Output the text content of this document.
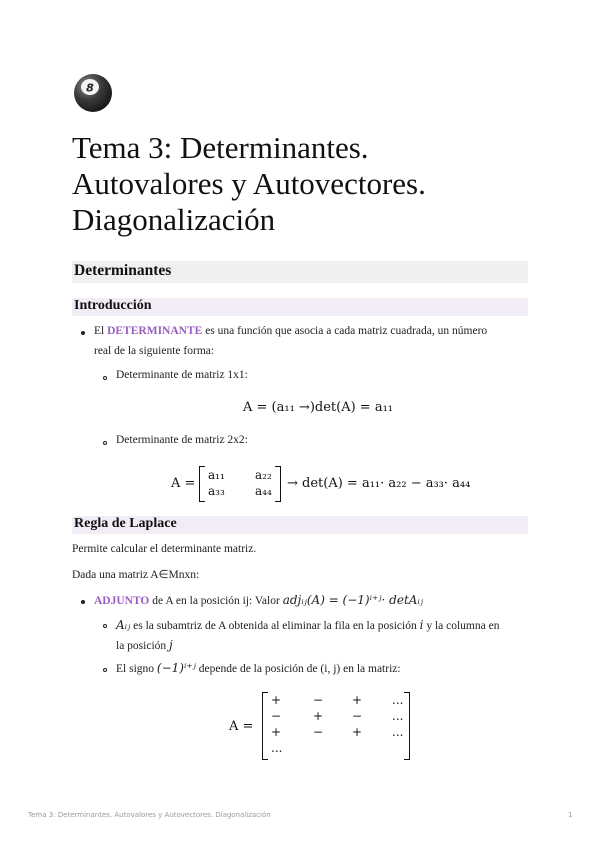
8
Tema 3: Determinantes.
Autovalores y Autovectores.
Diagonalización
Determinantes
Introducción
El DETERMINANTE es una función que asocia a cada matriz cuadrada, un número
real de la siguiente forma:
Determinante de matriz 1x1:
A = (a₁₁ →)det(A) = a₁₁
Determinante de matriz 2x2:
A =
a₁₁	a₂₂
a₃₃	a₄₄ → det(A) = a₁₁· a₂₂ − a₃₃· a₄₄
Regla de Laplace
Permite calcular el determinante matriz.
Dada una matriz A∈Mnxn:
ADJUNTO de A en la posición ij: Valor adjᵢⱼ(A) = (−1)ⁱ⁺ʲ· detAᵢⱼ
Aᵢⱼ es la subamtriz de A obtenida al eliminar la fila en la posición i y la columna en
la posición j
El signo (−1)ⁱ⁺ʲ depende de la posición de (i, j) en la matriz:
A =
+	− + ...
−	+ − ...
+	− + ...
...
Tema 3: Determinantes. Autovalores y Autovectores. Diagonalización	1
